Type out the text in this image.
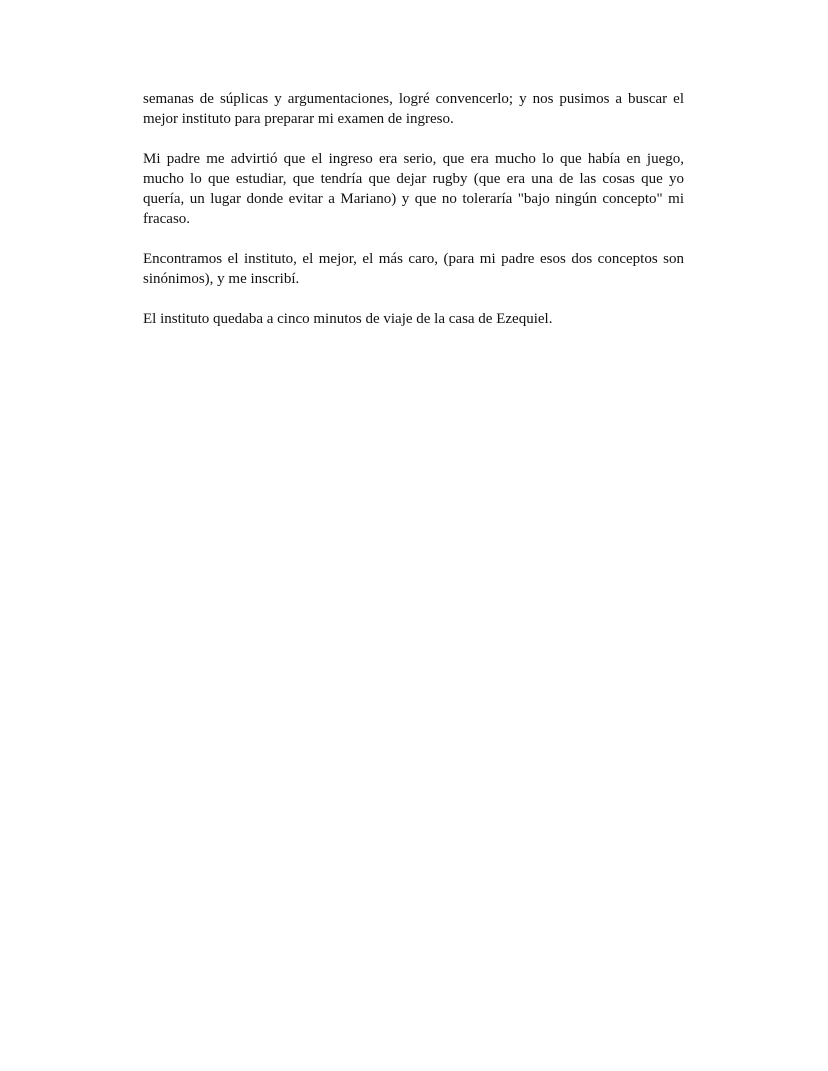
semanas de súplicas y argumentaciones, logré convencerlo; y nos pusimos a buscar el mejor instituto para preparar mi examen de ingreso.

Mi padre me advirtió que el ingreso era serio, que era mucho lo que había en juego, mucho lo que estudiar, que tendría que dejar rugby (que era una de las cosas que yo quería, un lugar donde evitar a Mariano) y que no toleraría "bajo ningún concepto" mi fracaso.

Encontramos el instituto, el mejor, el más caro, (para mi padre esos dos conceptos son sinónimos), y me inscribí.

El instituto quedaba a cinco minutos de viaje de la casa de Ezequiel.
